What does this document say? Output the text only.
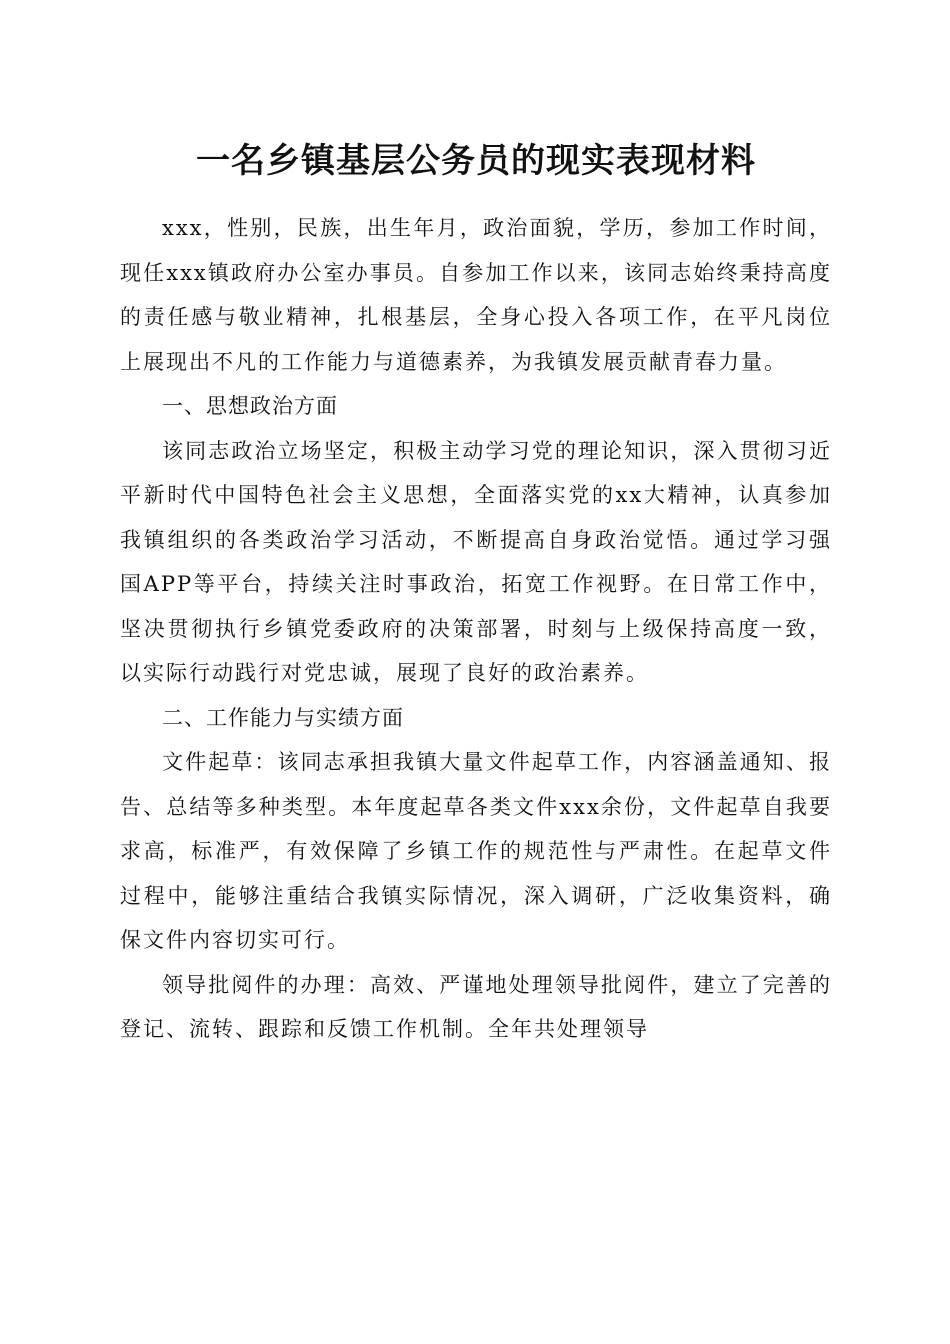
一名乡镇基层公务员的现实表现材料

xxx，性别，民族，出生年月，政治面貌，学历，参加工作时间，现任xxx镇政府办公室办事员。自参加工作以来，该同志始终秉持高度的责任感与敬业精神，扎根基层，全身心投入各项工作，在平凡岗位上展现出不凡的工作能力与道德素养，为我镇发展贡献青春力量。

一、思想政治方面

该同志政治立场坚定，积极主动学习党的理论知识，深入贯彻习近平新时代中国特色社会主义思想，全面落实党的xx大精神，认真参加我镇组织的各类政治学习活动，不断提高自身政治觉悟。通过学习强国APP等平台，持续关注时事政治，拓宽工作视野。在日常工作中，坚决贯彻执行乡镇党委政府的决策部署，时刻与上级保持高度一致，以实际行动践行对党忠诚，展现了良好的政治素养。

二、工作能力与实绩方面

文件起草：该同志承担我镇大量文件起草工作，内容涵盖通知、报告、总结等多种类型。本年度起草各类文件xxx余份，文件起草自我要求高，标准严，有效保障了乡镇工作的规范性与严肃性。在起草文件过程中，能够注重结合我镇实际情况，深入调研，广泛收集资料，确保文件内容切实可行。

领导批阅件的办理：高效、严谨地处理领导批阅件，建立了完善的登记、流转、跟踪和反馈工作机制。全年共处理领导
